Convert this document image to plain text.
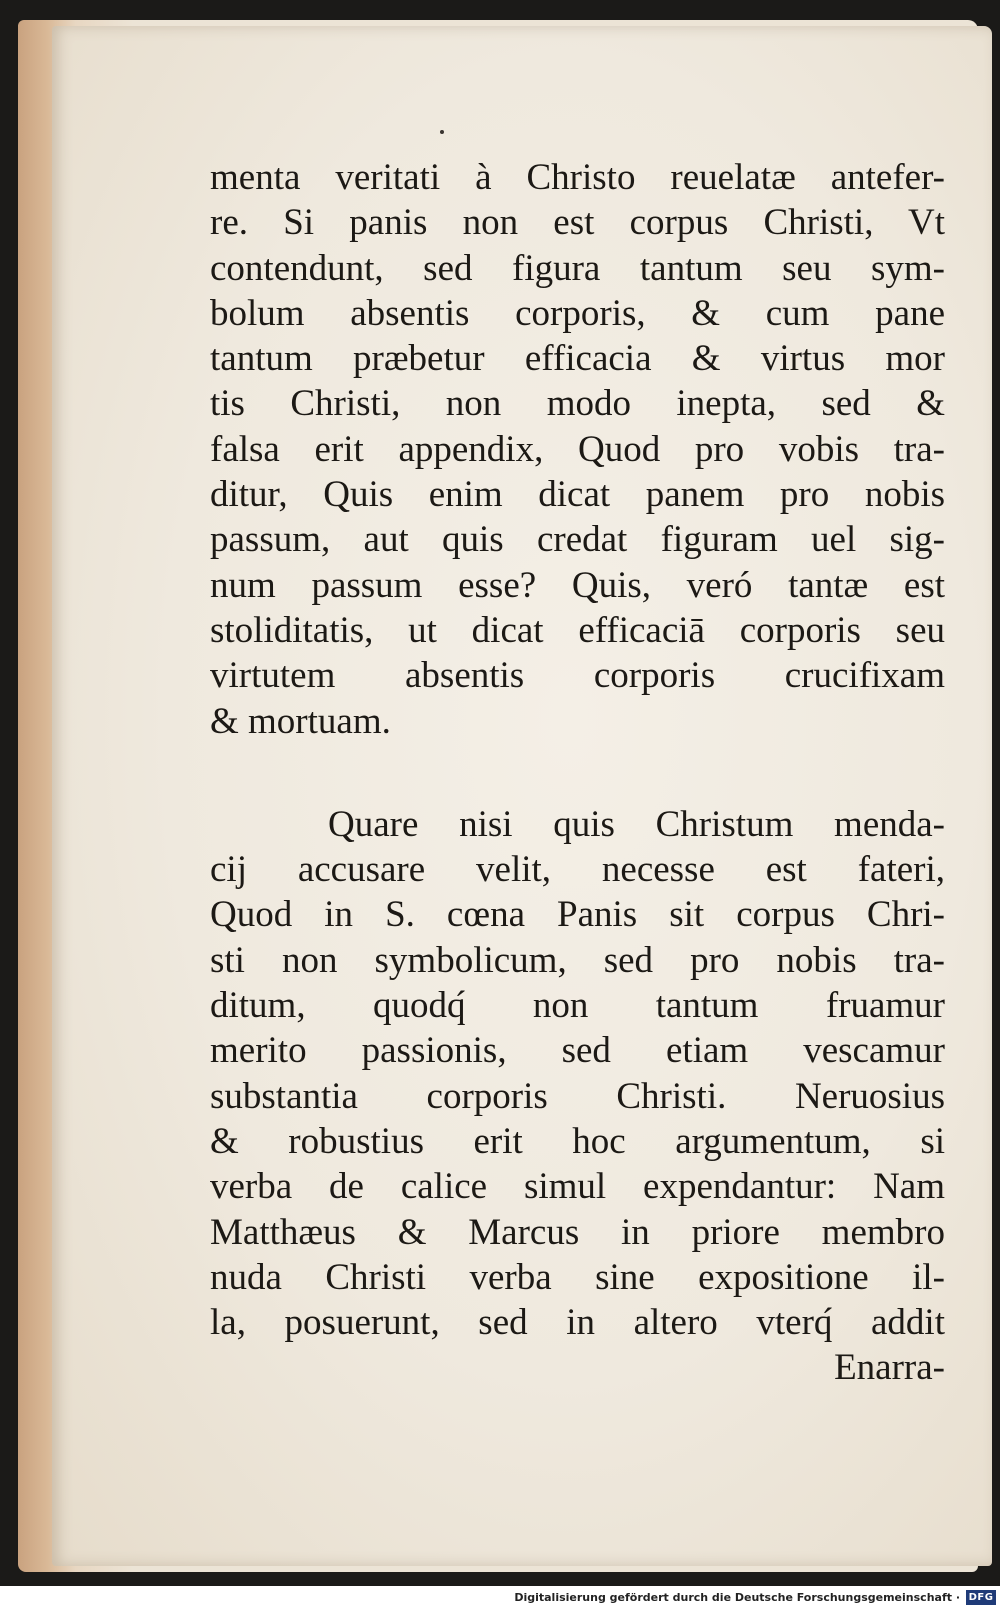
menta veritati à Christo reuelatæ antefer-
re. Si panis non est corpus Christi, Vt
contendunt, sed figura tantum seu sym-
bolum absentis corporis, & cum pane
tantum præbetur efficacia & virtus mor
tis Christi, non modo inepta, sed &
falsa erit appendix, Quod pro vobis tra-
ditur, Quis enim dicat panem pro nobis
passum, aut quis credat figuram uel sig-
num passum esse? Quis, veró tantæ est
stoliditatis, ut dicat efficaciā corporis seu
virtutem absentis corporis crucifixam
& mortuam.
Quare nisi quis Christum menda-
cij accusare velit, necesse est fateri,
Quod in S. cœna Panis sit corpus Chri-
sti non symbolicum, sed pro nobis tra-
ditum, quodq́ non tantum fruamur
merito passionis, sed etiam vescamur
substantia corporis Christi. Neruosius
& robustius erit hoc argumentum, si
verba de calice simul expendantur: Nam
Matthæus & Marcus in priore membro
nuda Christi verba sine expositione il-
la, posuerunt, sed in altero vterq́ addit
Enarra-
Digitalisierung gefördert durch die Deutsche Forschungsgemeinschaft · DFG
